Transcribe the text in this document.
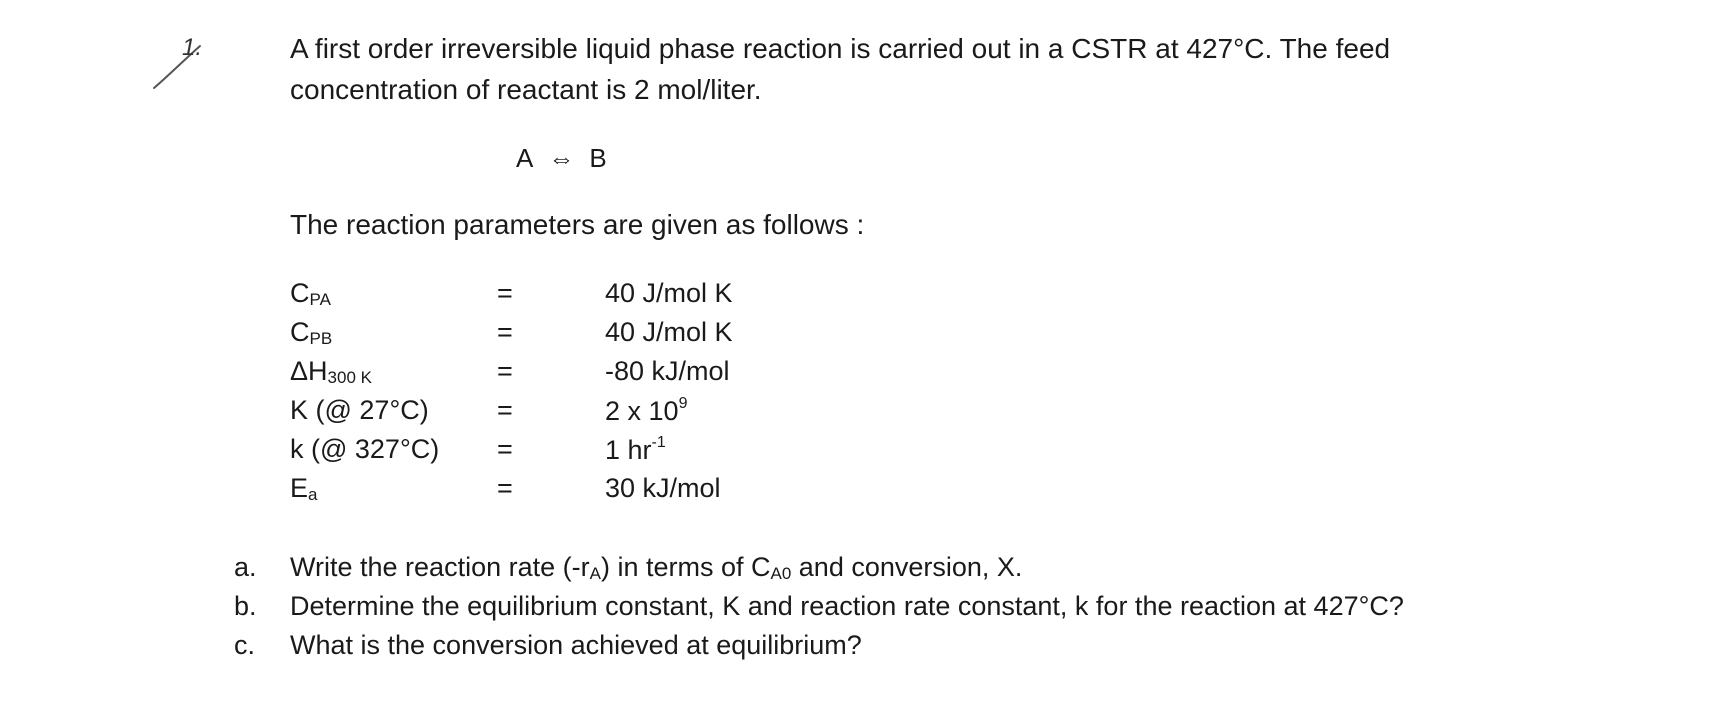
1.	A first order irreversible liquid phase reaction is carried out in a CSTR at 427°C. The feed

concentration of reactant is 2 mol/liter.

A ⇔ B
The reaction parameters are given as follows :
$C_{PA}$	=	40 J/mol K
$C_{PB}$	=	40 J/mol K
$\Delta H_{300 K}$	=	-80 kJ/mol
K (@ 27°C)	=	2 x $10^9$
k (@ 327°C) =	1 $hr^{-1}$
$E_a$	=	30 kJ/mol
a.	Write the reaction rate $(-r_A)$ in terms of $C_{A0}$ and conversion, X.
b.	Determine the equilibrium constant, K and reaction rate constant, k for the reaction at 427°C?
c.	What is the conversion achieved at equilibrium?
